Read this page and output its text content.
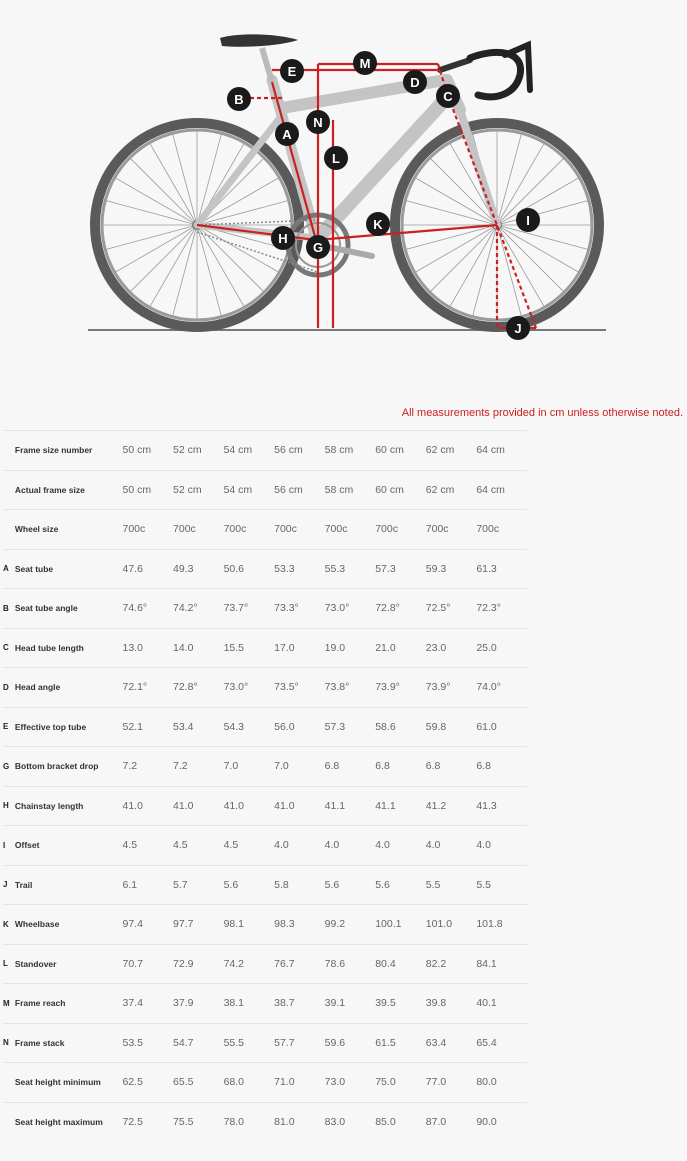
A
B	C
D
E
G
H
I
J
K
L
M
N
All measurements provided in cm unless otherwise noted.
	Frame size number	50 cm	52 cm	54 cm	56 cm	58 cm	60 cm	62 cm	64 cm
	Actual frame size	50 cm	52 cm	54 cm	56 cm	58 cm	60 cm	62 cm	64 cm
	Wheel size	700c	700c	700c	700c	700c	700c	700c	700c
A	Seat tube	47.6	49.3	50.6	53.3	55.3	57.3	59.3	61.3
B	Seat tube angle	74.6°	74.2°	73.7°	73.3°	73.0°	72.8°	72.5°	72.3°
C	Head tube length	13.0	14.0	15.5	17.0	19.0	21.0	23.0	25.0
D	Head angle	72.1°	72.8°	73.0°	73.5°	73.8°	73.9°	73.9°	74.0°
E	Effective top tube	52.1	53.4	54.3	56.0	57.3	58.6	59.8	61.0
G	Bottom bracket drop	7.2	7.2	7.0	7.0	6.8	6.8	6.8	6.8
H	Chainstay length	41.0	41.0	41.0	41.0	41.1	41.1	41.2	41.3
I	Offset	4.5	4.5	4.5	4.0	4.0	4.0	4.0	4.0
J	Trail	6.1	5.7	5.6	5.8	5.6	5.6	5.5	5.5
K	Wheelbase	97.4	97.7	98.1	98.3	99.2	100.1	101.0	101.8
L	Standover	70.7	72.9	74.2	76.7	78.6	80.4	82.2	84.1
M	Frame reach	37.4	37.9	38.1	38.7	39.1	39.5	39.8	40.1
N	Frame stack	53.5	54.7	55.5	57.7	59.6	61.5	63.4	65.4
	Seat height minimum	62.5	65.5	68.0	71.0	73.0	75.0	77.0	80.0
	Seat height maximum	72.5	75.5	78.0	81.0	83.0	85.0	87.0	90.0
